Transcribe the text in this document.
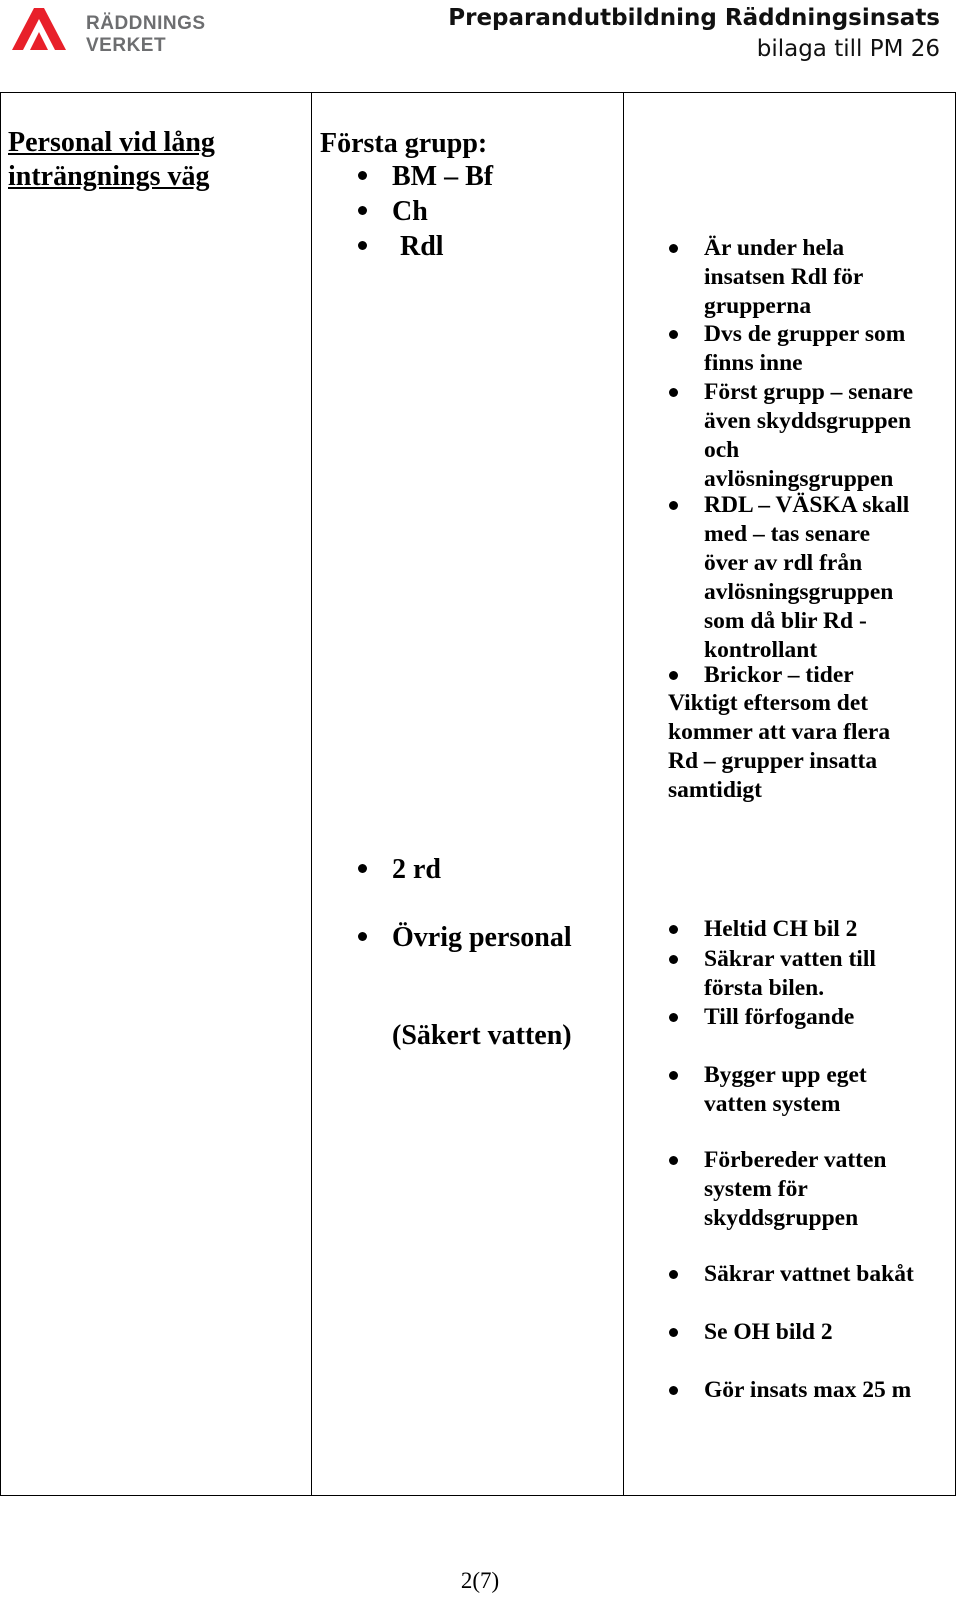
RÄDDNINGS
VERKET
Preparandutbildning Räddningsinsats
bilaga till PM 26
Personal vid lång
inträngnings väg
Första grupp:
BM – Bf
Ch
Rdl
2 rd
Övrig personal
(Säkert vatten)
Är under hela
insatsen Rdl för
grupperna
Dvs de grupper som
finns inne
Först grupp – senare
även skyddsgruppen
och
avlösningsgruppen
RDL – VÄSKA skall
med – tas senare
över av rdl från
avlösningsgruppen
som då blir Rd -
kontrollant
Brickor – tider
Viktigt eftersom det
kommer att vara flera
Rd – grupper insatta
samtidigt
Heltid CH bil 2
Säkrar vatten till
första bilen.
Till förfogande
Bygger upp eget
vatten system
Förbereder vatten
system för
skyddsgruppen
Säkrar vattnet bakåt
Se OH bild 2
Gör insats max 25 m
2(7)
